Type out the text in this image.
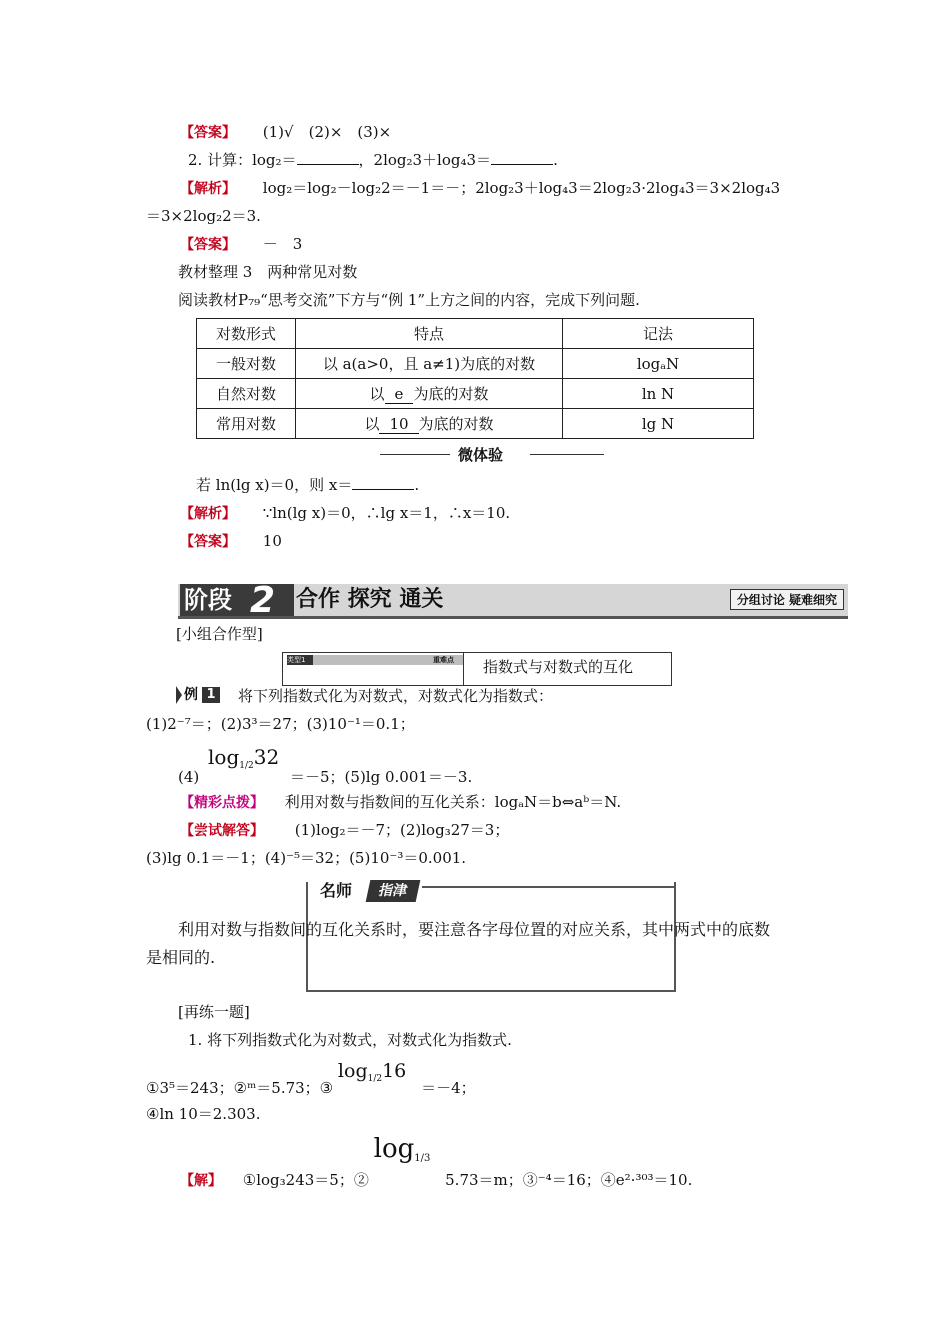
【答案】 (1)√　(2)×　(3)×
2. 计算：log₂＝	，2log₂3＋log₄3＝	.
【解析】 log₂＝log₂－log₂2＝－1＝－；2log₂3＋log₄3＝2log₂3·2log₄3＝3×2log₄3
＝3×2log₂2＝3.
【答案】 －　3
教材整理 3　两种常见对数
阅读教材P₇₉“思考交流”下方与“例 1”上方之间的内容，完成下列问题.
对数形式	特点	记法
一般对数	以 a(a>0，且 a≠1)为底的对数	logₐN
自然对数	以 e 为底的对数	ln N
常用对数	以 10 为底的对数	lg N
微体验
若 ln(lg x)＝0，则 x＝	.
【解析】 ∵ln(lg x)＝0，∴lg x＝1，∴x＝10.
【答案】 10
阶段 2 合作 探究 通关	分组讨论 疑难细究
[小组合作型]
类型1	重难点 指数式与对数式的互化
例 1 将下列指数式化为对数式，对数式化为指数式：
(1)2⁻⁷＝；(2)3³＝27；(3)10⁻¹＝0.1；
(4) $\log_{1/2}32 =-5$；(5)lg 0.001＝－3.
【精彩点拨】 利用对数与指数间的互化关系：logₐN＝b⇔aᵇ＝N.
【尝试解答】 (1)log₂＝－7；(2)log₃27＝3；
(3)lg 0.1＝－1；(4)⁻⁵＝32；(5)10⁻³＝0.001.
名师	指津
利用对数与指数间的互化关系时，要注意各字母位置的对应关系，其中两式中的底数
是相同的.
[再练一题]
1. 将下列指数式化为对数式，对数式化为指数式.
①3⁵＝243；②ᵐ＝5.73；③ $\log_{1/2}16 =-4$；
④ln 10＝2.303.
【解】 ①log₃243＝5；② $\log_{1/3} 5.73=m$；③⁻⁴＝16；④e²·³⁰³＝10.
